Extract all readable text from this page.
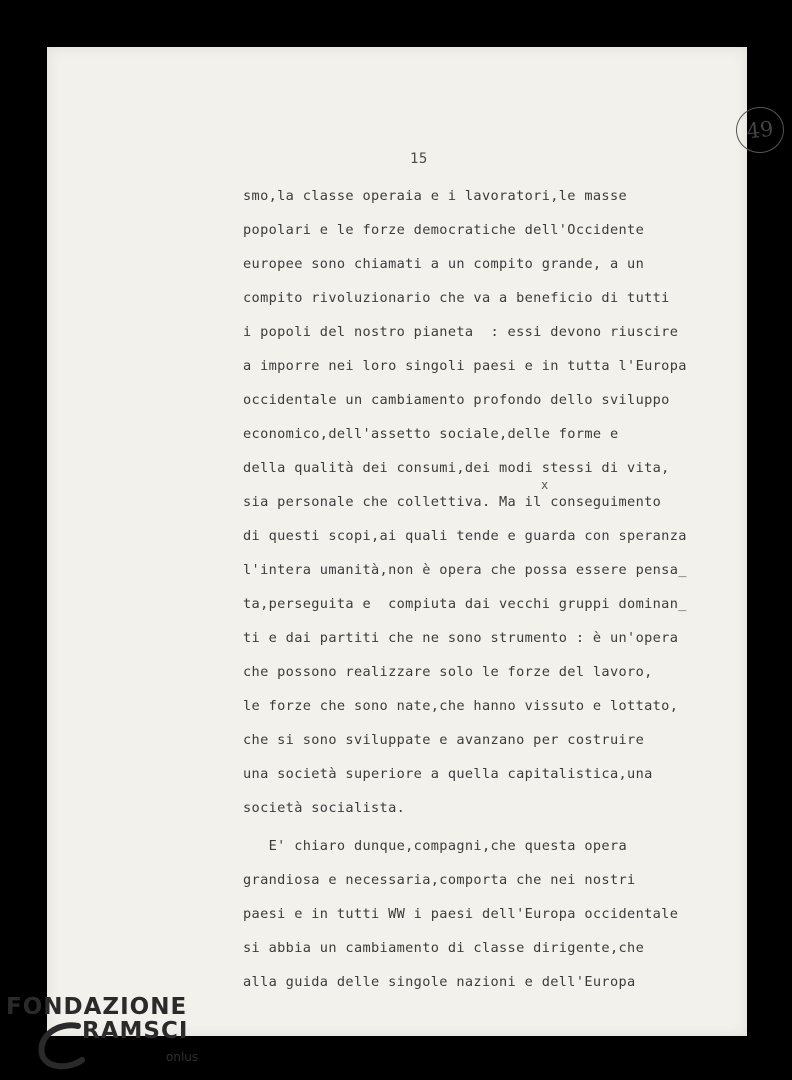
49
15
x
smo,la classe operaia e i lavoratori,le masse
popolari e le forze democratiche dell'Occidente
europee sono chiamati a un compito grande, a un
compito rivoluzionario che va a beneficio di tutti
i popoli del nostro pianeta  : essi devono riuscire
a imporre nei loro singoli paesi e in tutta l'Europa
occidentale un cambiamento profondo dello sviluppo
economico,dell'assetto sociale,delle forme e
della qualità dei consumi,dei modi stessi di vita,
sia personale che collettiva. Ma il conseguimento
di questi scopi,ai quali tende e guarda con speranza
l'intera umanità,non è opera che possa essere pensa_
ta,perseguita e  compiuta dai vecchi gruppi dominan_
ti e dai partiti che ne sono strumento : è un'opera
che possono realizzare solo le forze del lavoro,
le forze che sono nate,che hanno vissuto e lottato,
che si sono sviluppate e avanzano per costruire
una società superiore a quella capitalistica,una
società socialista.
E' chiaro dunque,compagni,che questa opera
grandiosa e necessaria,comporta che nei nostri
paesi e in tutti WW i paesi dell'Europa occidentale
si abbia un cambiamento di classe dirigente,che
alla guida delle singole nazioni e dell'Europa
FONDAZIONE
RAMSCI
onlus
